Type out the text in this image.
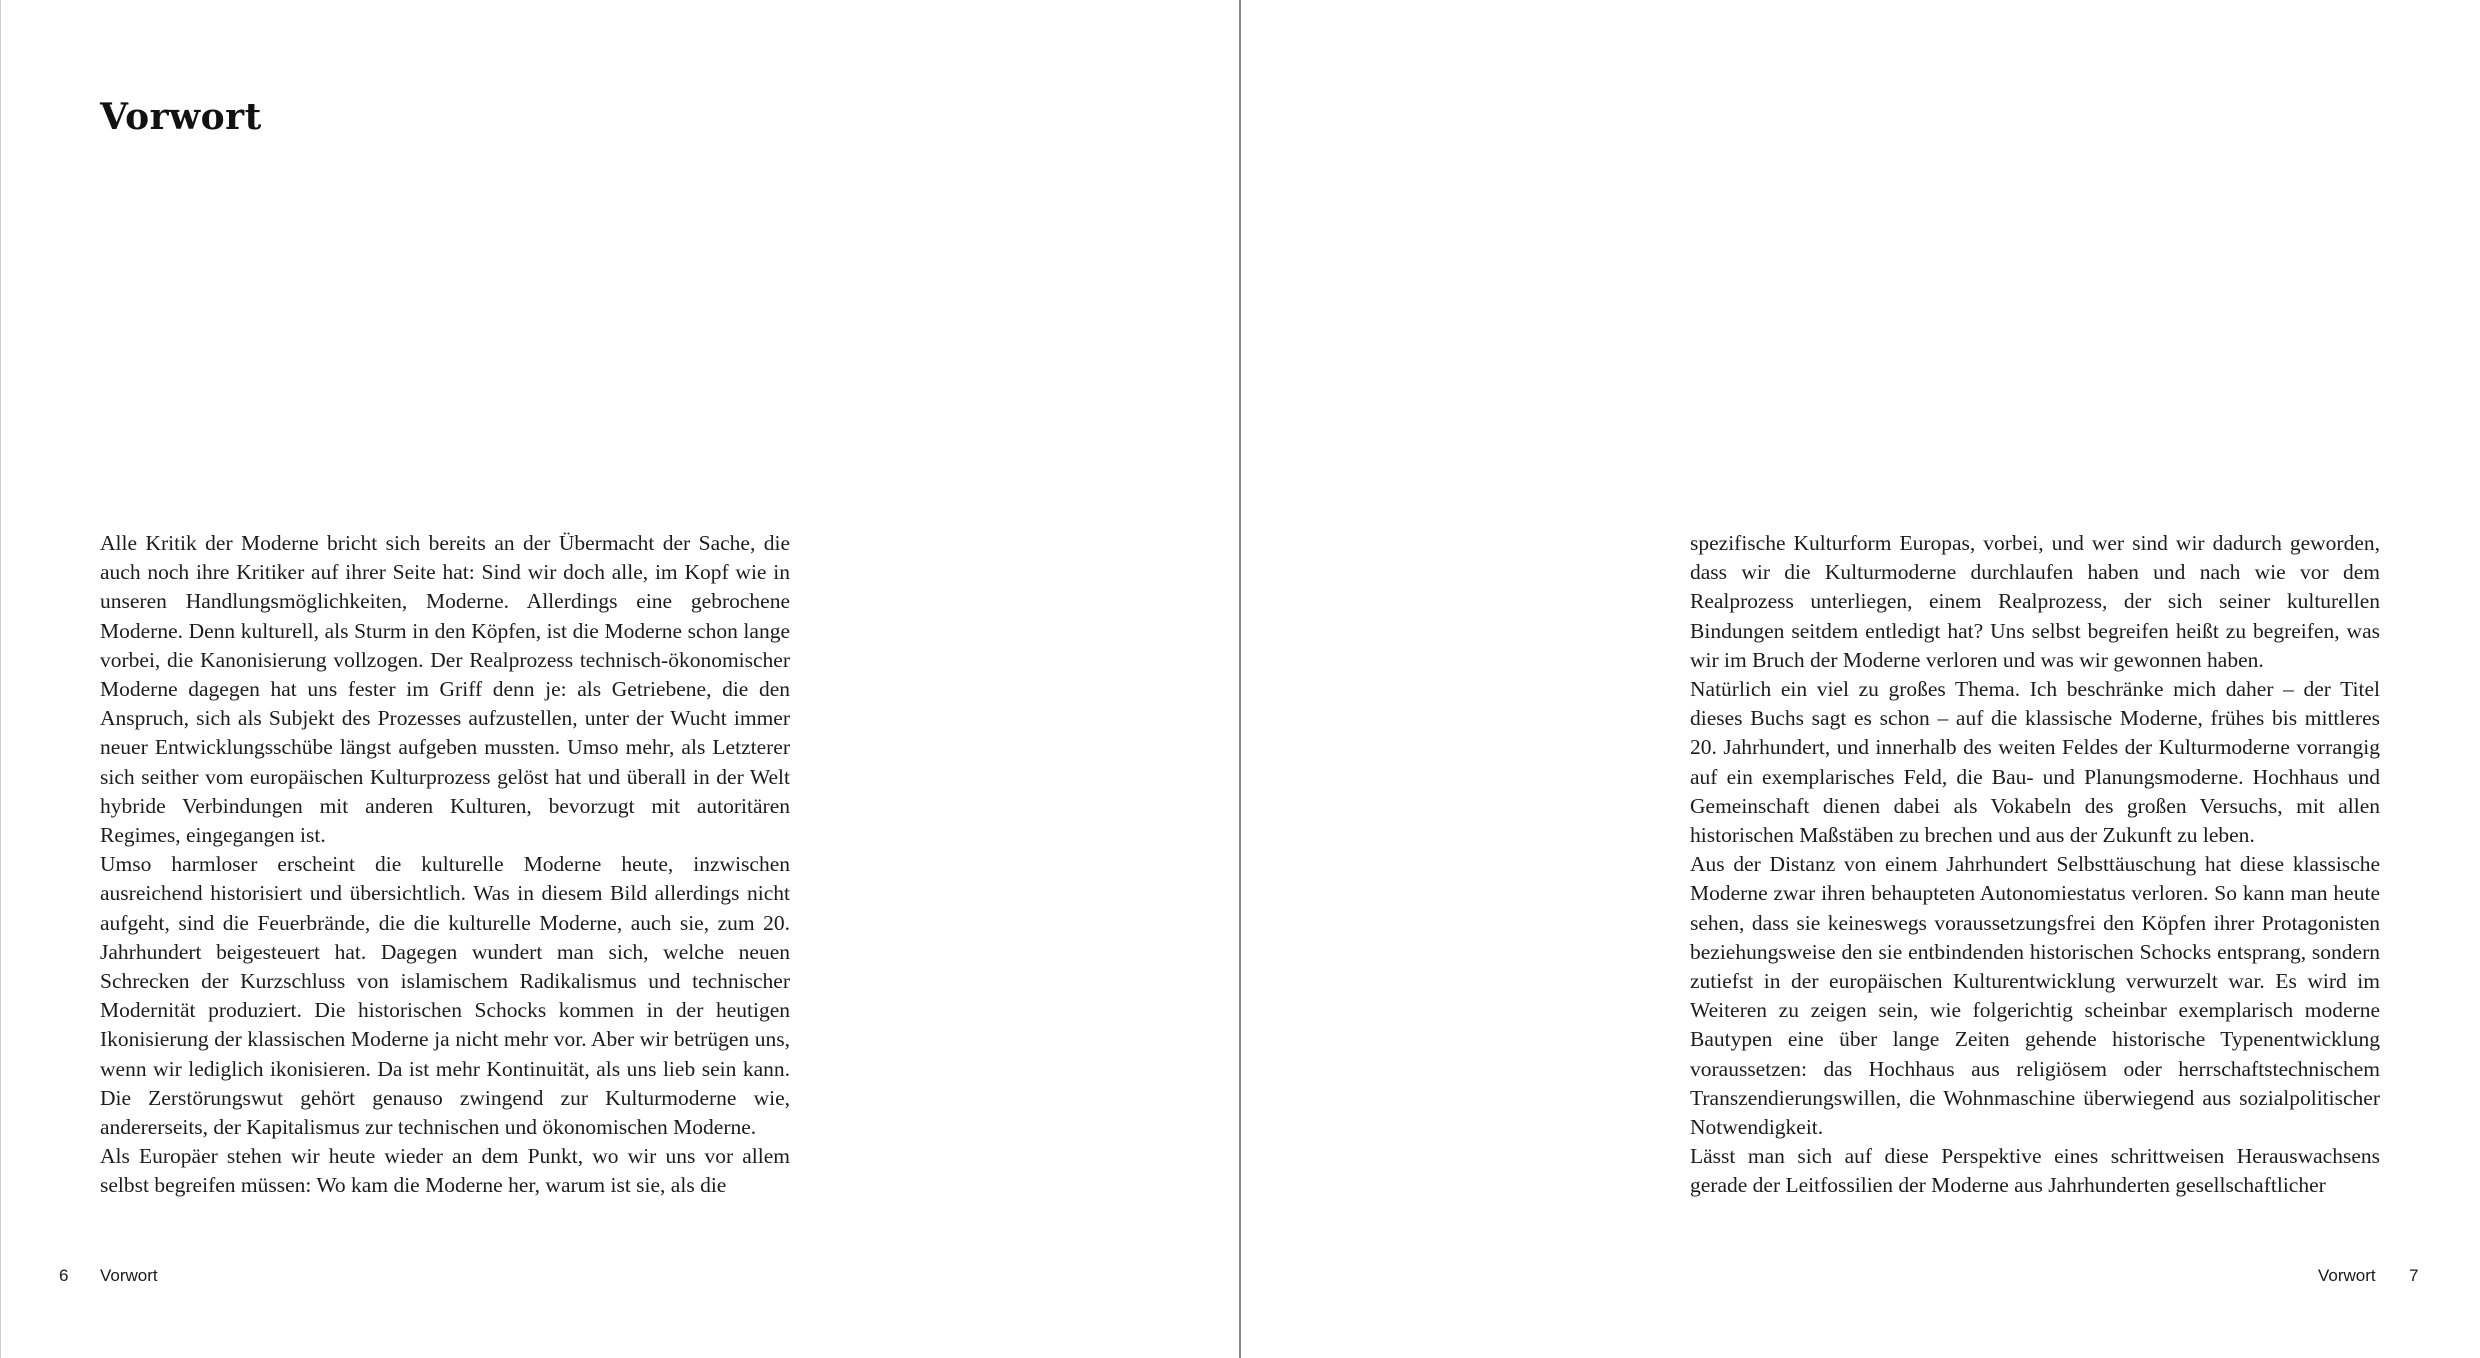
Vorwort

Alle Kritik der Moderne bricht sich bereits an der Übermacht der Sache, die auch noch ihre Kritiker auf ihrer Seite hat: Sind wir doch alle, im Kopf wie in unseren Handlungsmöglichkeiten, Moderne. Allerdings eine gebrochene Moderne. Denn kulturell, als Sturm in den Köpfen, ist die Moderne schon lange vorbei, die Kanonisierung vollzogen. Der Realprozess technisch-ökonomischer Moderne dagegen hat uns fester im Griff denn je: als Getriebene, die den Anspruch, sich als Subjekt des Prozesses aufzustellen, unter der Wucht immer neuer Entwicklungsschübe längst aufgeben mussten. Umso mehr, als Letzterer sich seither vom europäischen Kulturprozess gelöst hat und überall in der Welt hybride Verbindungen mit anderen Kulturen, bevorzugt mit autoritären Regimes, eingegangen ist.

Umso harmloser erscheint die kulturelle Moderne heute, inzwischen ausreichend historisiert und übersichtlich. Was in diesem Bild allerdings nicht aufgeht, sind die Feuerbrände, die die kulturelle Moderne, auch sie, zum 20. Jahrhundert beigesteuert hat. Dagegen wundert man sich, welche neuen Schrecken der Kurzschluss von islamischem Radikalismus und technischer Modernität produziert. Die historischen Schocks kommen in der heutigen Ikonisierung der klassischen Moderne ja nicht mehr vor. Aber wir betrügen uns, wenn wir lediglich ikonisieren. Da ist mehr Kontinuität, als uns lieb sein kann. Die Zerstörungswut gehört genauso zwingend zur Kulturmoderne wie, andererseits, der Kapitalismus zur technischen und ökonomischen Moderne.

Als Europäer stehen wir heute wieder an dem Punkt, wo wir uns vor allem selbst begreifen müssen: Wo kam die Moderne her, warum ist sie, als die

6 Vorwort

spezifische Kulturform Europas, vorbei, und wer sind wir dadurch geworden, dass wir die Kulturmoderne durchlaufen haben und nach wie vor dem Realprozess unterliegen, einem Realprozess, der sich seiner kulturellen Bindungen seitdem entledigt hat? Uns selbst begreifen heißt zu begreifen, was wir im Bruch der Moderne verloren und was wir gewonnen haben.

Natürlich ein viel zu großes Thema. Ich beschränke mich daher – der Titel dieses Buchs sagt es schon – auf die klassische Moderne, frühes bis mittleres 20. Jahrhundert, und innerhalb des weiten Feldes der Kulturmoderne vorrangig auf ein exemplarisches Feld, die Bau- und Planungsmoderne. Hochhaus und Gemeinschaft dienen dabei als Vokabeln des großen Versuchs, mit allen historischen Maßstäben zu brechen und aus der Zukunft zu leben.

Aus der Distanz von einem Jahrhundert Selbsttäuschung hat diese klassische Moderne zwar ihren behaupteten Autonomiestatus verloren. So kann man heute sehen, dass sie keineswegs voraussetzungsfrei den Köpfen ihrer Protagonisten beziehungsweise den sie entbindenden historischen Schocks entsprang, sondern zutiefst in der europäischen Kulturentwicklung verwurzelt war. Es wird im Weiteren zu zeigen sein, wie folgerichtig scheinbar exemplarisch moderne Bautypen eine über lange Zeiten gehende historische Typenentwicklung voraussetzen: das Hochhaus aus religiösem oder herrschaftstechnischem Transzendierungswillen, die Wohnmaschine überwiegend aus sozialpolitischer Notwendigkeit.

Lässt man sich auf diese Perspektive eines schrittweisen Herauswachsens gerade der Leitfossilien der Moderne aus Jahrhunderten gesellschaftlicher

Vorwort 7
